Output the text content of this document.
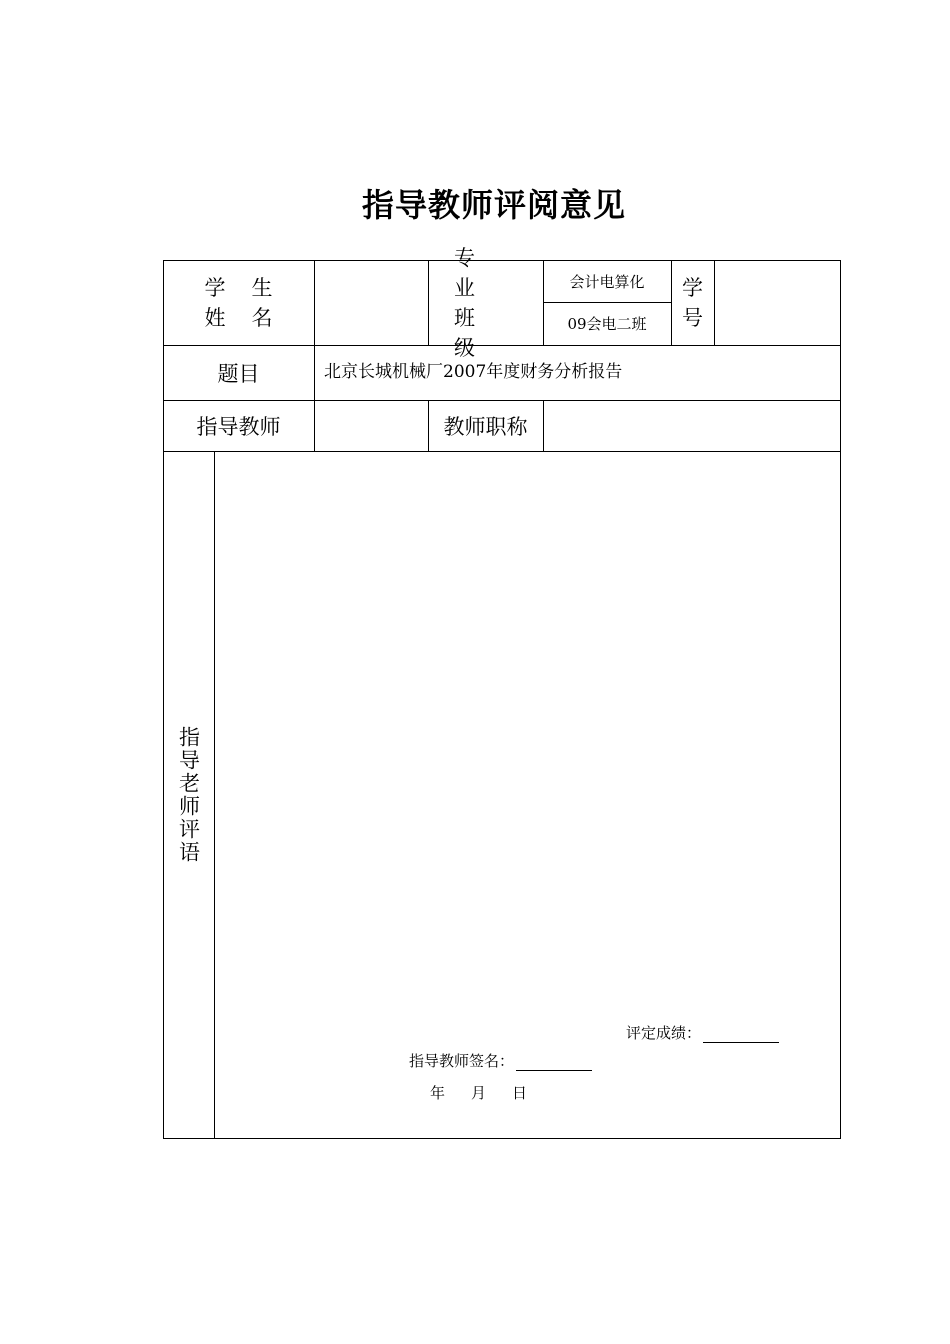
指导教师评阅意见
学生
姓名
专业
班级
会计电算化
09会电二班
学
号
题目	北京长城机械厂2007年度财务分析报告
指导教师	教师职称
指导老师评语
评定成绩：
指导教师签名：
年 月 日
